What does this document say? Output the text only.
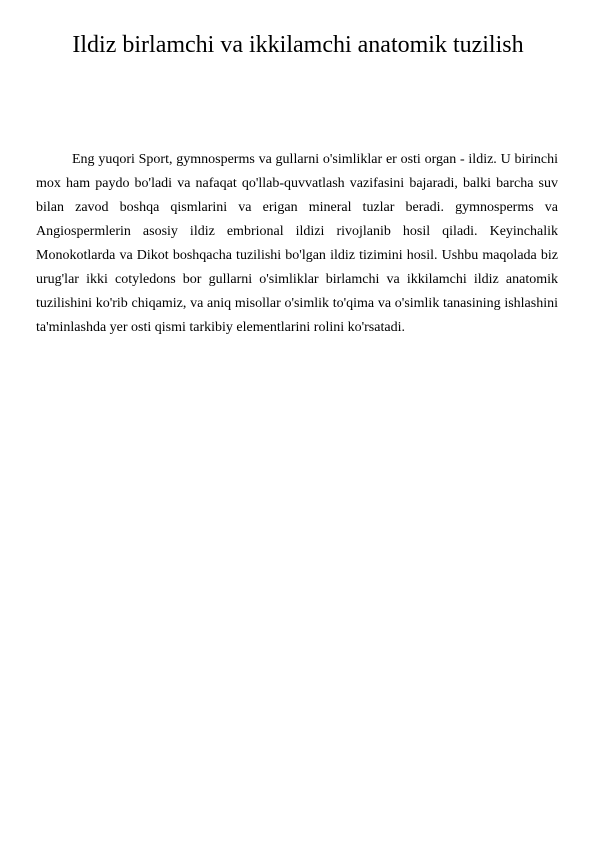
Ildiz birlamchi va ikkilamchi anatomik tuzilish

Eng yuqori Sport, gymnosperms va gullarni o'simliklar er osti organ - ildiz. U birinchi mox ham paydo bo'ladi va nafaqat qo'llab-quvvatlash vazifasini bajaradi, balki barcha suv bilan zavod boshqa qismlarini va erigan mineral tuzlar beradi. gymnosperms va Angiospermlerin asosiy ildiz embrional ildizi rivojlanib hosil qiladi. Keyinchalik Monokotlarda va Dikot boshqacha tuzilishi bo'lgan ildiz tizimini hosil. Ushbu maqolada biz urug'lar ikki cotyledons bor gullarni o'simliklar birlamchi va ikkilamchi ildiz anatomik tuzilishini ko'rib chiqamiz, va aniq misollar o'simlik to'qima va o'simlik tanasining ishlashini ta'minlashda yer osti qismi tarkibiy elementlarini rolini ko'rsatadi.
